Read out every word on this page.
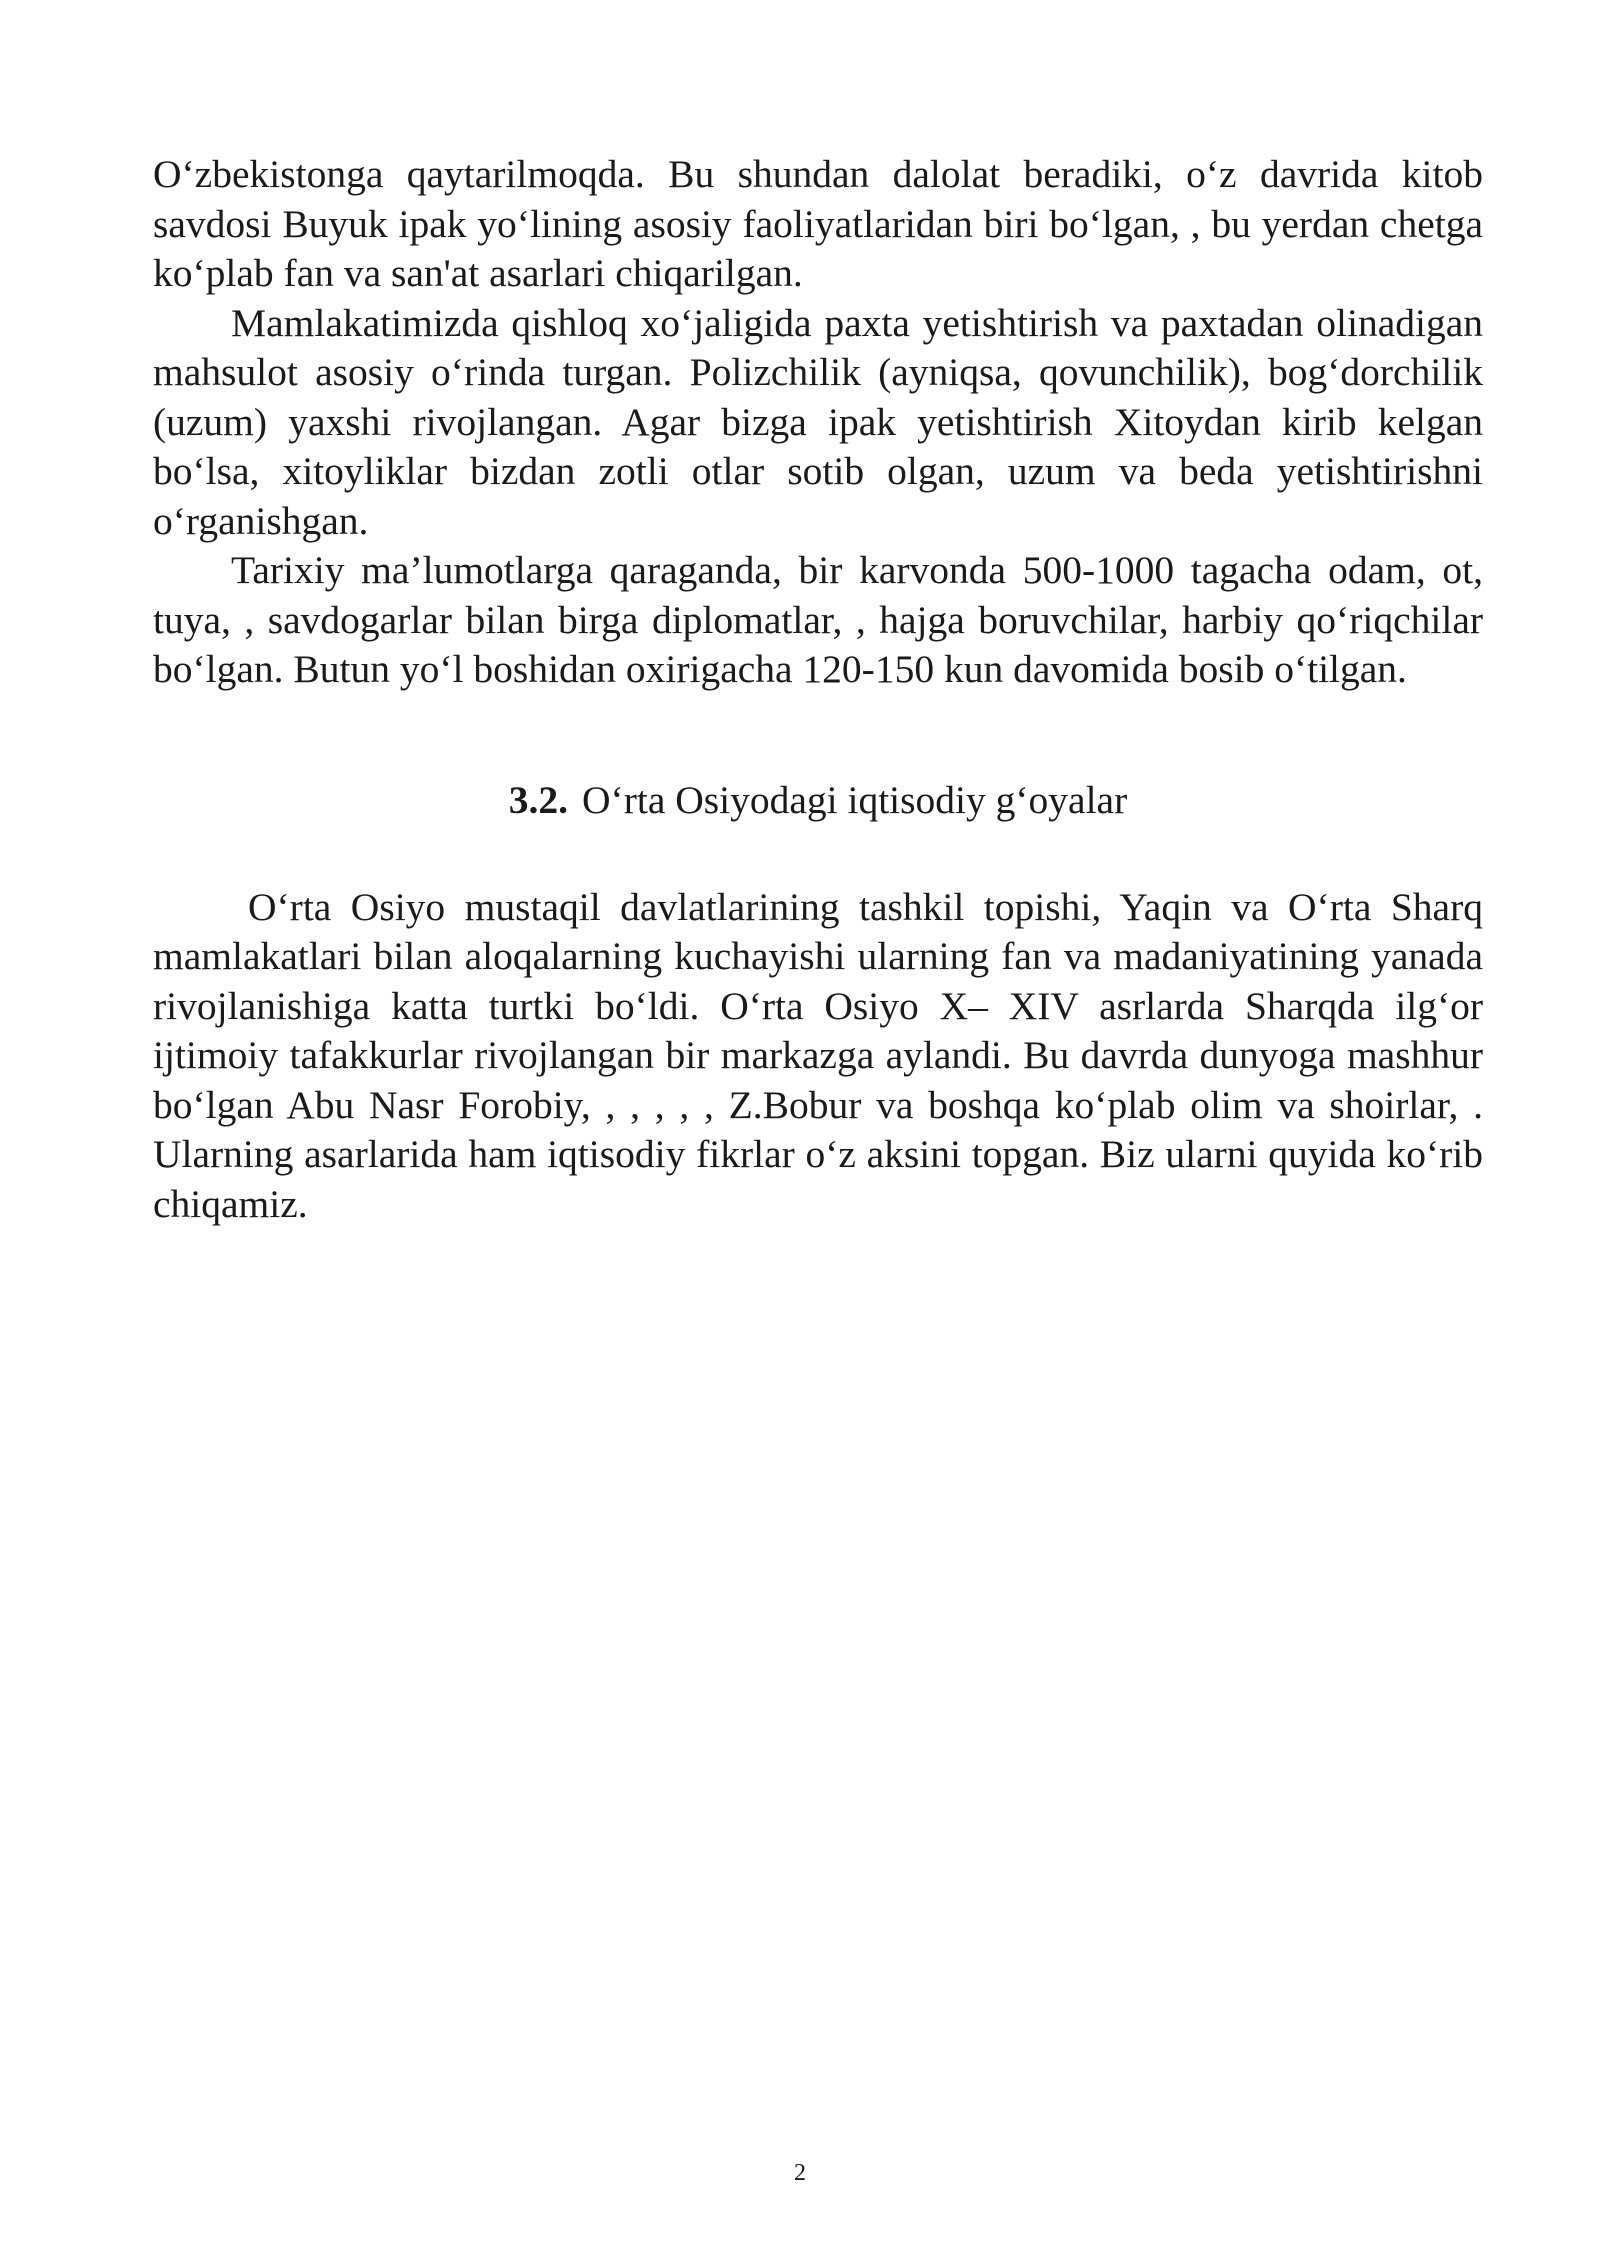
O‘zbekistonga qaytarilmoqda. Bu shundan dalolat beradiki, o‘z davrida kitob savdosi Buyuk ipak yo‘lining asosiy faoliyatlaridan biri bo‘lgan, , bu yerdan chetga ko‘plab fan va san'at asarlari chiqarilgan.

Mamlakatimizda qishloq xo‘jaligida paxta yetishtirish va paxtadan olinadigan mahsulot asosiy o‘rinda turgan. Polizchilik (ayniqsa, qovunchilik), bog‘dorchilik (uzum) yaxshi rivojlangan. Agar bizga ipak yetishtirish Xitoydan kirib kelgan bo‘lsa, xitoyliklar bizdan zotli otlar sotib olgan, uzum va beda yetishtirishni o‘rganishgan.

Tarixiy ma’lumotlarga qaraganda, bir karvonda 500-1000 tagacha odam, ot, tuya, , savdogarlar bilan birga diplomatlar, , hajga boruvchilar, harbiy qo‘riqchilar bo‘lgan. Butun yo‘l boshidan oxirigacha 120-150 kun davomida bosib o‘tilgan.

3.2. O‘rta Osiyodagi iqtisodiy g‘oyalar

O‘rta Osiyo mustaqil davlatlarining tashkil topishi, Yaqin va O‘rta Sharq mamlakatlari bilan aloqalarning kuchayishi ularning fan va madaniyatining yanada rivojlanishiga katta turtki bo‘ldi. O‘rta Osiyo X– XIV asrlarda Sharqda ilg‘or ijtimoiy tafakkurlar rivojlangan bir markazga aylandi. Bu davrda dunyoga mashhur bo‘lgan Abu Nasr Forobiy, , , , , , Z.Bobur va boshqa ko‘plab olim va shoirlar, . Ularning asarlarida ham iqtisodiy fikrlar o‘z aksini topgan. Biz ularni quyida ko‘rib chiqamiz.

2
